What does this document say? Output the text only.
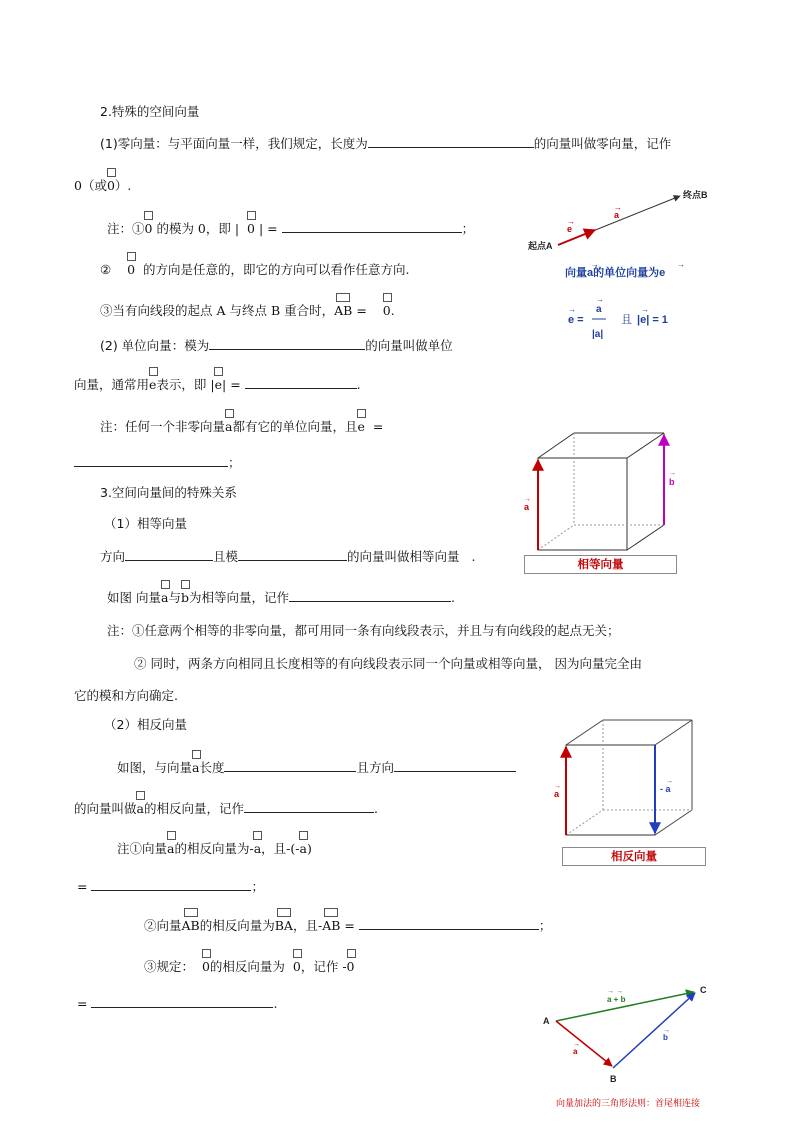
2.特殊的空间向量
(1)零向量：与平面向量一样，我们规定，长度为	的向量叫做零向量，记作
0（或
0）.
注：①
0 的模为 0，即 | 0 | =	；
② 0 的方向是任意的，即它的方向可以看作任意方向.
③当有向线段的起点 A 与终点 B 重合时，
AB = 0.
(2) 单位向量：模为	的向量叫做单位
向量，通常用
e表示，即 |
e| =	.
注：任何一个非零向量
a都有它的单位向量，且
e =
；
3.空间向量间的特殊关系
（1）相等向量
方向	且模	的向量叫做相等向量 .
如图 向量
a与
b为相等向量，记作	.
注：①任意两个相等的非零向量，都可用同一条有向线段表示，并且与有向线段的起点无关；
② 同时，两条方向相同且长度相等的有向线段表示同一个向量或相等向量， 因为向量完全由
它的模和方向确定.
（2）相反向量
如图，与向量
a长度	且方向
的向量叫做
a的相反向量，记作	.
注①向量
a的相反向量为-
a，且-(-
a)
=	；
②向量
AB的相反向量为
BA，且-
AB =	；
③规定： 0的相反向量为 0，记作 -
0
=	.
终点B
起点A
a
→
e
→
向量a的单位向量为e
→	→
e =
→ a
→
|a|
且 |e| = 1
→
a
→
b
→
相等向量
a
→	- a
→
相反向量
A
B
C
a + b
→ →
a
→
b
→
向量加法的三角形法则：首尾相连接
